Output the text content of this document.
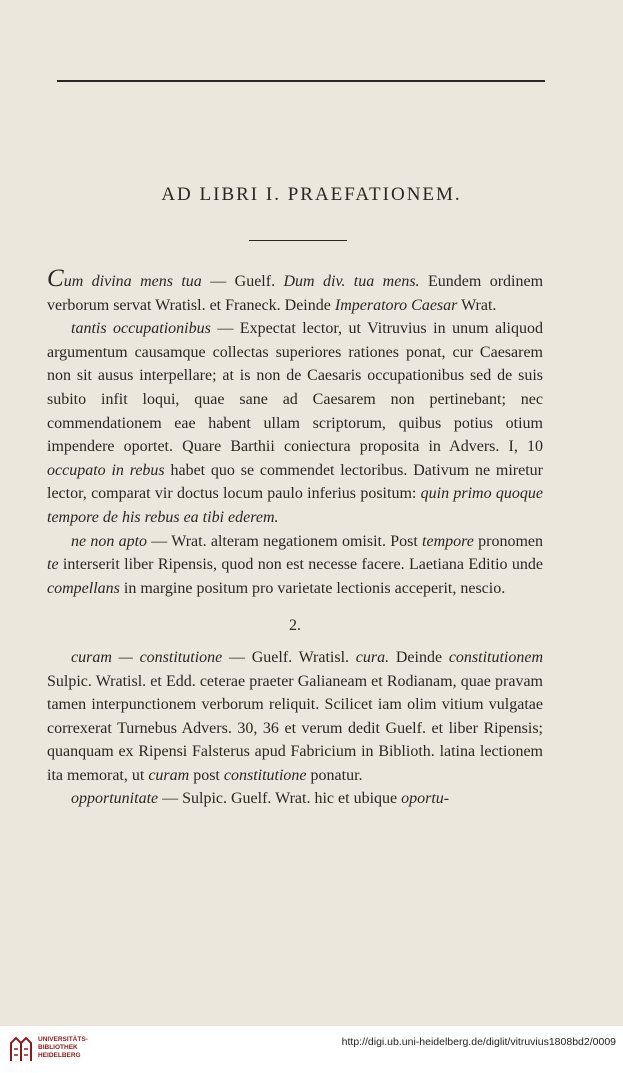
AD LIBRI I. PRAEFATIONEM.

Cum divina mens tua — Guelf. Dum div. tua mens. Eundem ordinem verborum servat Wratisl. et Franeck. Deinde Imperatoro Caesar Wrat.

tantis occupationibus — Expectat lector, ut Vitruvius in unum aliquod argumentum causamque collectas superiores rationes ponat, cur Caesarem non sit ausus interpellare; at is non de Caesaris occupationibus sed de suis subito infit loqui, quae sane ad Caesarem non pertinebant; nec commendationem eae habent ullam scriptorum, quibus potius otium impendere oportet. Quare Barthii coniectura proposita in Advers. I, 10 occupato in rebus habet quo se commendet lectoribus. Dativum ne miretur lector, comparat vir doctus locum paulo inferius positum: quin primo quoque tempore de his rebus ea tibi ederem.

ne non apto — Wrat. alteram negationem omisit. Post tempore pronomen te interserit liber Ripensis, quod non est necesse facere. Laetiana Editio unde compellans in margine positum pro varietate lectionis acceperit, nescio.

2.

curam — constitutione — Guelf. Wratisl. cura. Deinde constitutionem Sulpic. Wratisl. et Edd. ceterae praeter Galianeam et Rodianam, quae pravam tamen interpunctionem verborum reliquit. Scilicet iam olim vitium vulgatae correxerat Turnebus Advers. 30, 36 et verum dedit Guelf. et liber Ripensis; quanquam ex Ripensi Falsterus apud Fabricium in Biblioth. latina lectionem ita memorat, ut curam post constitutione ponatur.

opportunitate — Sulpic. Guelf. Wrat. hic et ubique oportu-

UNIVERSITÄTS-
BIBLIOTHEK
HEIDELBERG
http://digi.ub.uni-heidelberg.de/diglit/vitruvius1808bd2/0009
